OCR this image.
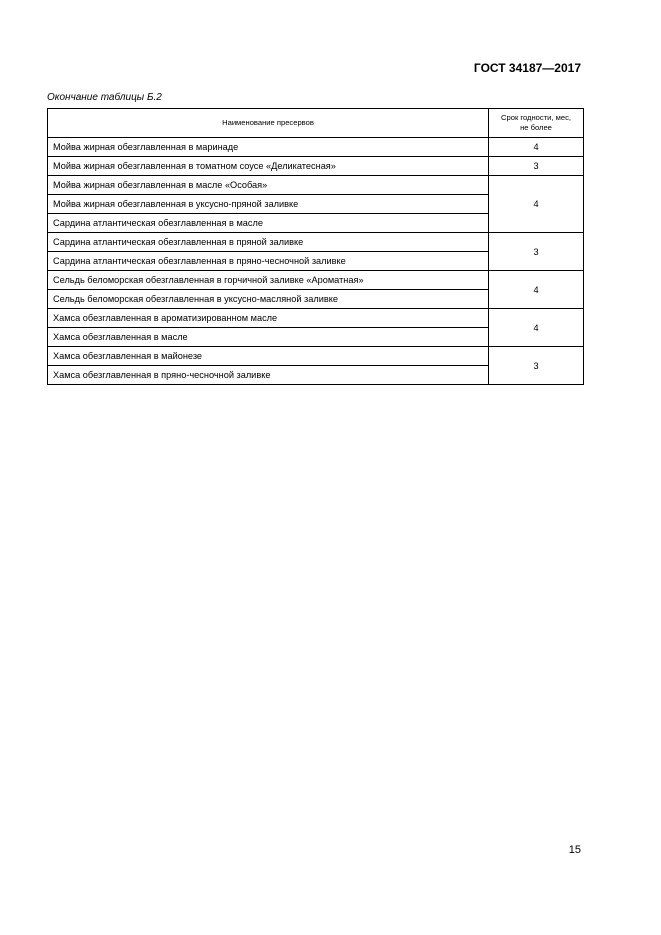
ГОСТ 34187—2017
Окончание таблицы Б.2
Наименование пресервов	Срок годности, мес,
не более
Мойва жирная обезглавленная в маринаде	4
Мойва жирная обезглавленная в томатном соусе «Деликатесная»	3
Мойва жирная обезглавленная в масле «Особая»	4
Мойва жирная обезглавленная в уксусно-пряной заливке	
Сардина атлантическая обезглавленная в масле	
Сардина атлантическая обезглавленная в пряной заливке	3
Сардина атлантическая обезглавленная в пряно-чесночной заливке	
Сельдь беломорская обезглавленная в горчичной заливке «Ароматная»	4
Сельдь беломорская обезглавленная в уксусно-масляной заливке	
Хамса обезглавленная в ароматизированном масле	4
Хамса обезглавленная в масле	
Хамса обезглавленная в майонезе	3
Хамса обезглавленная в пряно-чесночной заливке	
15
